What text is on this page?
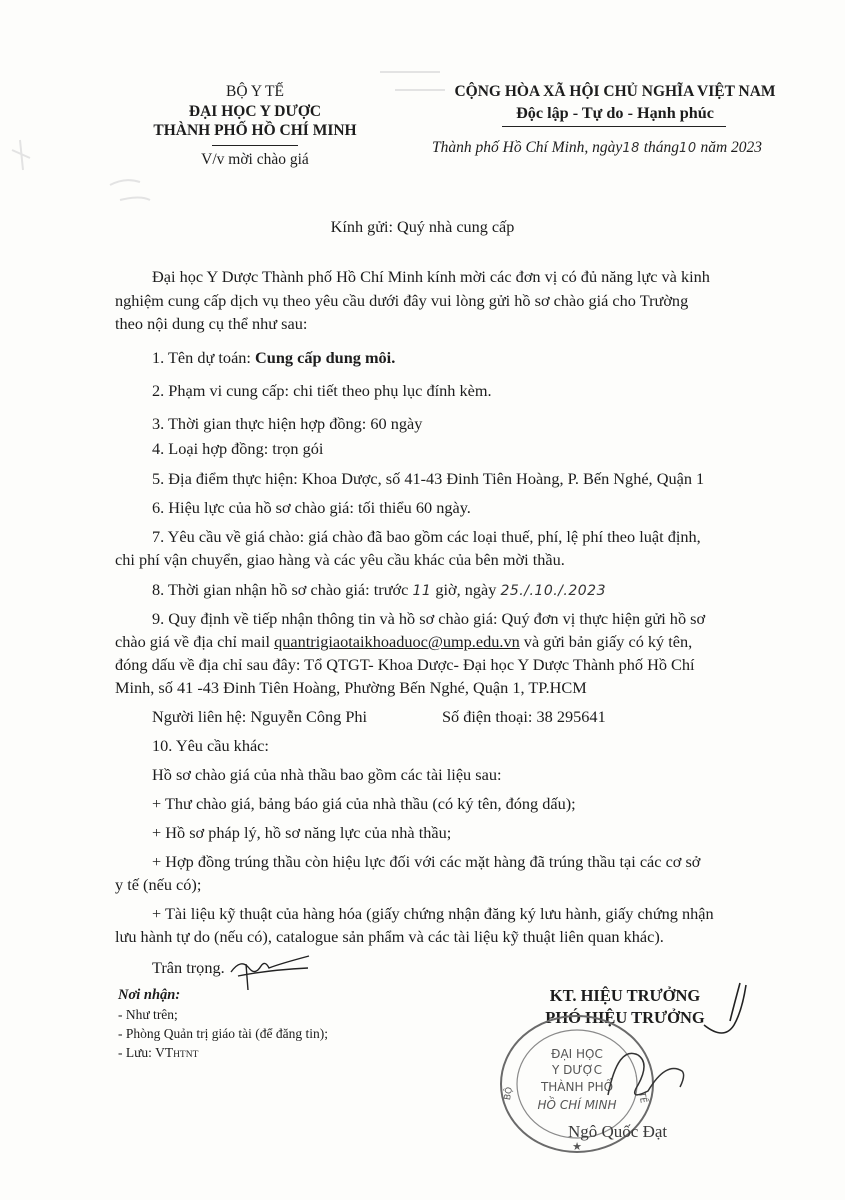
BỘ Y TẾ
ĐẠI HỌC Y DƯỢC
THÀNH PHỐ HỒ CHÍ MINH
V/v mời chào giá
CỘNG HÒA XÃ HỘI CHỦ NGHĨA VIỆT NAM
Độc lập - Tự do - Hạnh phúc
Thành phố Hồ Chí Minh, ngày18 tháng10 năm 2023
Kính gửi: Quý nhà cung cấp
Đại học Y Dược Thành phố Hồ Chí Minh kính mời các đơn vị có đủ năng lực và kinh
nghiệm cung cấp dịch vụ theo yêu cầu dưới đây vui lòng gửi hồ sơ chào giá cho Trường
theo nội dung cụ thể như sau:
1. Tên dự toán: Cung cấp dung môi.
2. Phạm vi cung cấp: chi tiết theo phụ lục đính kèm.
3. Thời gian thực hiện hợp đồng: 60 ngày
4. Loại hợp đồng: trọn gói
5. Địa điểm thực hiện: Khoa Dược, số 41-43 Đinh Tiên Hoàng, P. Bến Nghé, Quận 1
6. Hiệu lực của hồ sơ chào giá: tối thiểu 60 ngày.
7. Yêu cầu về giá chào: giá chào đã bao gồm các loại thuế, phí, lệ phí theo luật định,
chi phí vận chuyển, giao hàng và các yêu cầu khác của bên mời thầu.
8. Thời gian nhận hồ sơ chào giá: trước 11 giờ, ngày 25./.10./.2023
9. Quy định về tiếp nhận thông tin và hồ sơ chào giá: Quý đơn vị thực hiện gửi hồ sơ
chào giá về địa chỉ mail quantrigiaotaikhoaduoc@ump.edu.vn và gửi bản giấy có ký tên,
đóng dấu về địa chỉ sau đây: Tổ QTGT- Khoa Dược- Đại học Y Dược Thành phố Hồ Chí
Minh, số 41 -43 Đinh Tiên Hoàng, Phường Bến Nghé, Quận 1, TP.HCM
Người liên hệ: Nguyễn Công Phi	Số điện thoại: 38 295641
10. Yêu cầu khác:
Hồ sơ chào giá của nhà thầu bao gồm các tài liệu sau:
+ Thư chào giá, bảng báo giá của nhà thầu (có ký tên, đóng dấu);
+ Hồ sơ pháp lý, hồ sơ năng lực của nhà thầu;
+ Hợp đồng trúng thầu còn hiệu lực đối với các mặt hàng đã trúng thầu tại các cơ sở
y tế (nếu có);
+ Tài liệu kỹ thuật của hàng hóa (giấy chứng nhận đăng ký lưu hành, giấy chứng nhận
lưu hành tự do (nếu có), catalogue sản phẩm và các tài liệu kỹ thuật liên quan khác).
Trân trọng.
Nơi nhận:
- Như trên;
- Phòng Quản trị giáo tài (để đăng tin);
- Lưu: VTHTNT
KT. HIỆU TRƯỞNG
PHÓ HIỆU TRƯỞNG
ĐẠI HỌC
Y DƯỢC
THÀNH PHỐ
HỒ CHÍ MINH
BỘ	TẾ
★
Ngô Quốc Đạt
